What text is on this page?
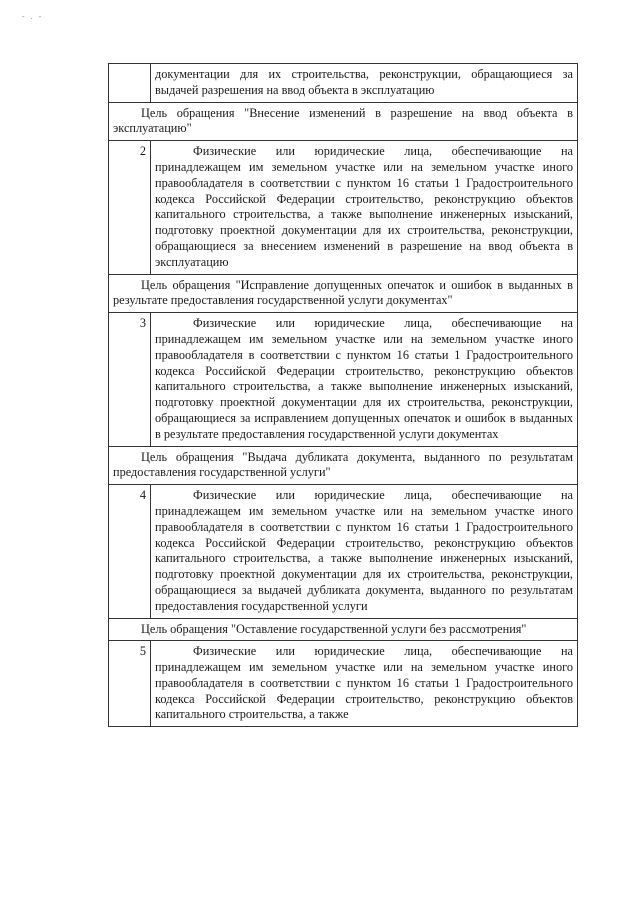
- . -
	документации для их строительства, реконструкции, обращающиеся за выдачей разрешения на ввод объекта в эксплуатацию
Цель обращения "Внесение изменений в разрешение на ввод объекта в эксплуатацию"	
2	Физические или юридические лица, обеспечивающие на принадлежащем им земельном участке или на земельном участке иного правообладателя в соответствии с пунктом 16 статьи 1 Градостроительного кодекса Российской Федерации строительство, реконструкцию объектов капитального строительства, а также выполнение инженерных изысканий, подготовку проектной документации для их строительства, реконструкции, обращающиеся за внесением изменений в разрешение на ввод объекта в эксплуатацию
Цель обращения "Исправление допущенных опечаток и ошибок в выданных в результате предоставления государственной услуги документах"	
3	Физические или юридические лица, обеспечивающие на принадлежащем им земельном участке или на земельном участке иного правообладателя в соответствии с пунктом 16 статьи 1 Градостроительного кодекса Российской Федерации строительство, реконструкцию объектов капитального строительства, а также выполнение инженерных изысканий, подготовку проектной документации для их строительства, реконструкции, обращающиеся за исправлением допущенных опечаток и ошибок в выданных в результате предоставления государственной услуги документах
Цель обращения "Выдача дубликата документа, выданного по результатам предоставления государственной услуги"	
4	Физические или юридические лица, обеспечивающие на принадлежащем им земельном участке или на земельном участке иного правообладателя в соответствии с пунктом 16 статьи 1 Градостроительного кодекса Российской Федерации строительство, реконструкцию объектов капитального строительства, а также выполнение инженерных изысканий, подготовку проектной документации для их строительства, реконструкции, обращающиеся за выдачей дубликата документа, выданного по результатам предоставления государственной услуги
Цель обращения "Оставление государственной услуги без рассмотрения"	
5	Физические или юридические лица, обеспечивающие на принадлежащем им земельном участке или на земельном участке иного правообладателя в соответствии с пунктом 16 статьи 1 Градостроительного кодекса Российской Федерации строительство, реконструкцию объектов капитального строительства, а также
